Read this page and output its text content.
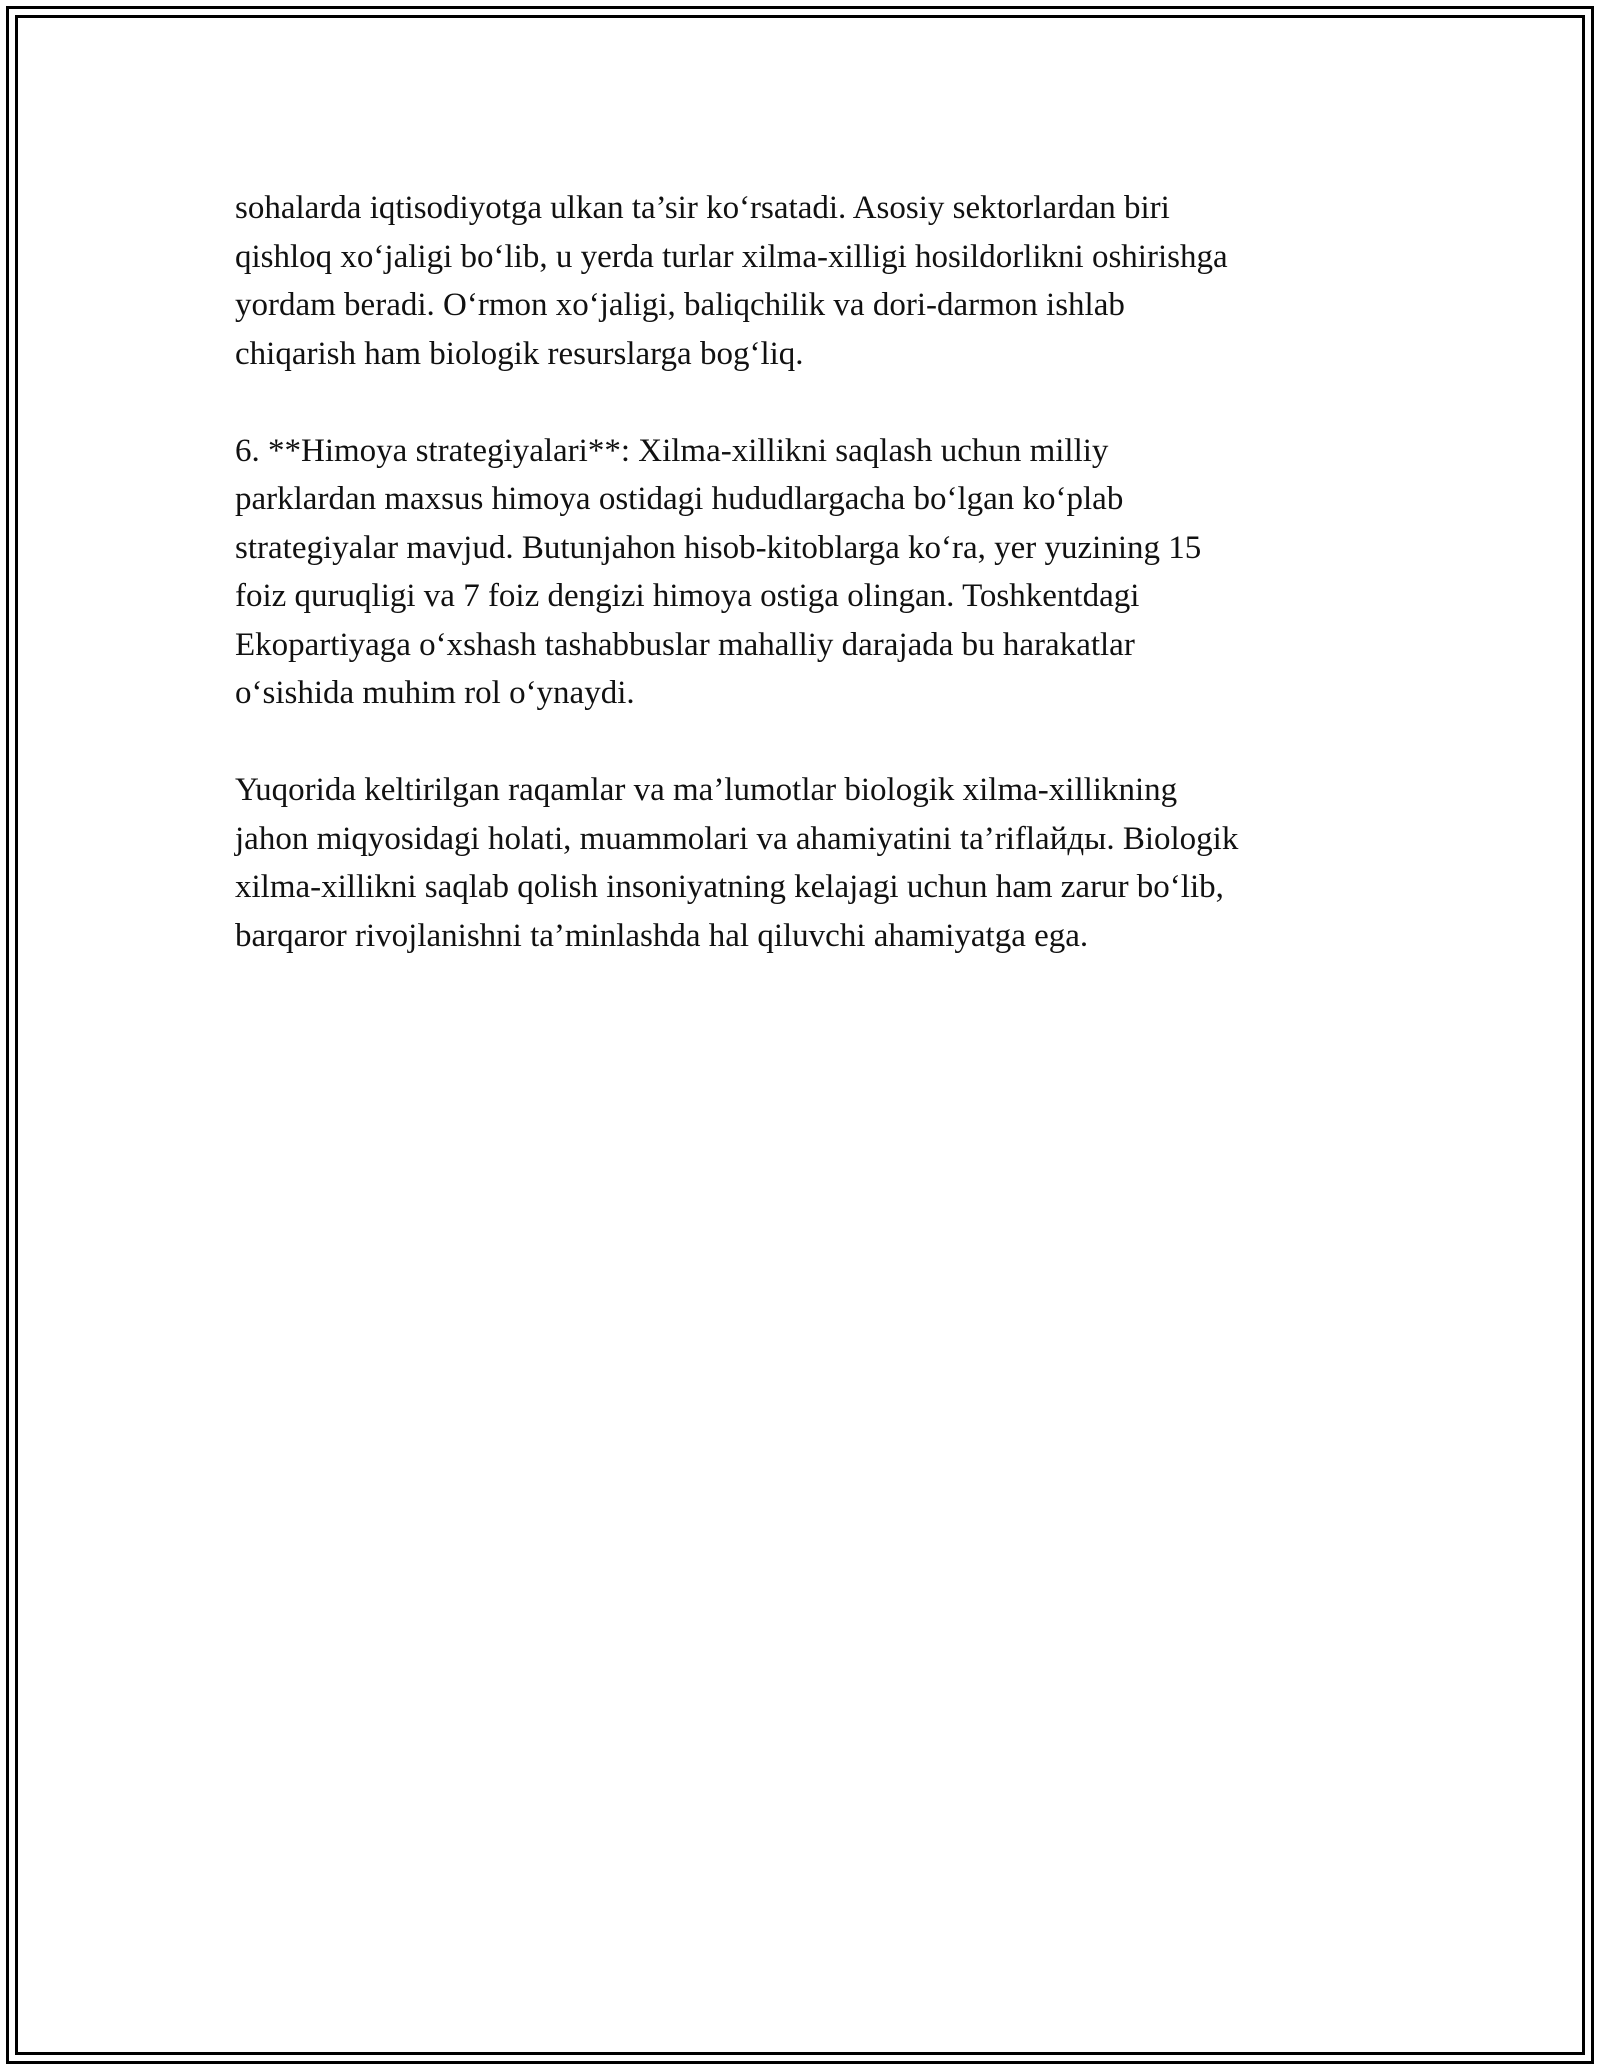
sohalarda iqtisodiyotga ulkan ta’sir ko‘rsatadi. Asosiy sektorlardan biri
qishloq xo‘jaligi bo‘lib, u yerda turlar xilma-xilligi hosildorlikni oshirishga
yordam beradi. O‘rmon xo‘jaligi, baliqchilik va dori-darmon ishlab
chiqarish ham biologik resurslarga bog‘liq.

6. **Himoya strategiyalari**: Xilma-xillikni saqlash uchun milliy
parklardan maxsus himoya ostidagi hududlargacha bo‘lgan ko‘plab
strategiyalar mavjud. Butunjahon hisob-kitoblarga ko‘ra, yer yuzining 15
foiz quruqligi va 7 foiz dengizi himoya ostiga olingan. Toshkentdagi
Ekopartiyaga o‘xshash tashabbuslar mahalliy darajada bu harakatlar
o‘sishida muhim rol o‘ynaydi.

Yuqorida keltirilgan raqamlar va ma’lumotlar biologik xilma-xillikning
jahon miqyosidagi holati, muammolari va ahamiyatini ta’riflaйды. Biologik
xilma-xillikni saqlab qolish insoniyatning kelajagi uchun ham zarur bo‘lib,
barqaror rivojlanishni ta’minlashda hal qiluvchi ahamiyatga ega.
